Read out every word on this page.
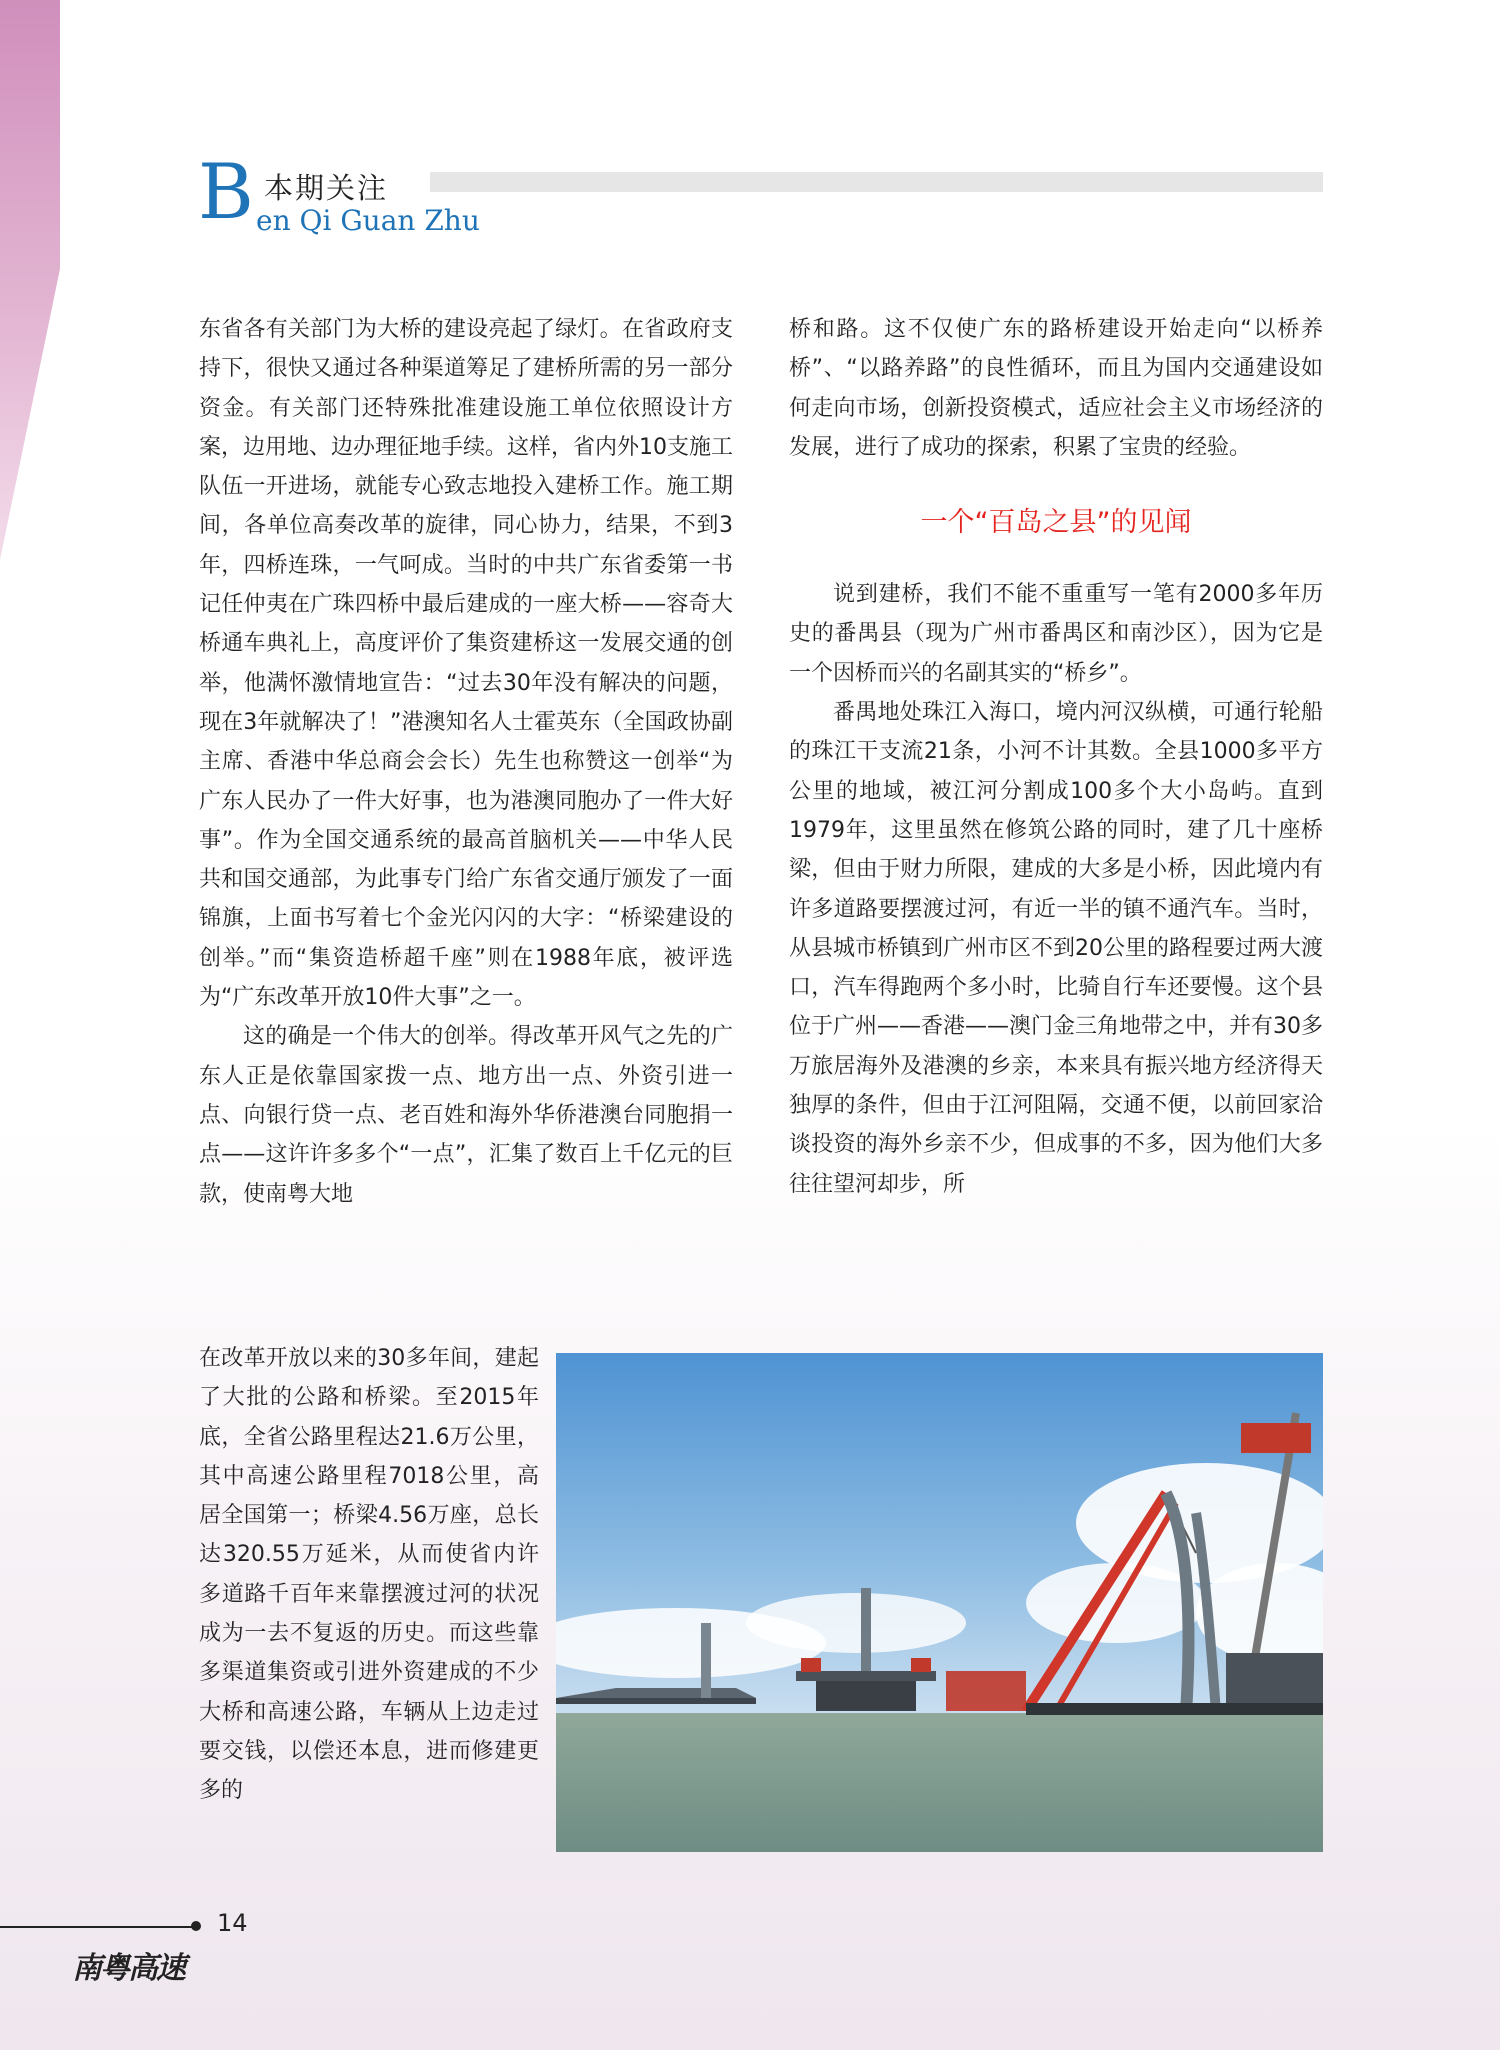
B 本期关注
en Qi Guan Zhu

东省各有关部门为大桥的建设亮起了绿灯。在省政府支持下，很快又通过各种渠道筹足了建桥所需的另一部分资金。有关部门还特殊批准建设施工单位依照设计方案，边用地、边办理征地手续。这样，省内外10支施工队伍一开进场，就能专心致志地投入建桥工作。施工期间，各单位高奏改革的旋律，同心协力，结果，不到3年，四桥连珠，一气呵成。当时的中共广东省委第一书记任仲夷在广珠四桥中最后建成的一座大桥——容奇大桥通车典礼上，高度评价了集资建桥这一发展交通的创举，他满怀激情地宣告：“过去30年没有解决的问题，现在3年就解决了！”港澳知名人士霍英东（全国政协副主席、香港中华总商会会长）先生也称赞这一创举“为广东人民办了一件大好事，也为港澳同胞办了一件大好事”。作为全国交通系统的最高首脑机关——中华人民共和国交通部，为此事专门给广东省交通厅颁发了一面锦旗，上面书写着七个金光闪闪的大字：“桥梁建设的创举。”而“集资造桥超千座”则在1988年底，被评选为“广东改革开放10件大事”之一。

这的确是一个伟大的创举。得改革开风气之先的广东人正是依靠国家拨一点、地方出一点、外资引进一点、向银行贷一点、老百姓和海外华侨港澳台同胞捐一点——这许许多多个“一点”，汇集了数百上千亿元的巨款，使南粤大地

在改革开放以来的30多年间，建起了大批的公路和桥梁。至2015年底，全省公路里程达21.6万公里，其中高速公路里程7018公里，高居全国第一；桥梁4.56万座，总长达320.55万延米，从而使省内许多道路千百年来靠摆渡过河的状况成为一去不复返的历史。而这些靠多渠道集资或引进外资建成的不少大桥和高速公路，车辆从上边走过要交钱，以偿还本息，进而修建更多的

桥和路。这不仅使广东的路桥建设开始走向“以桥养桥”、“以路养路”的良性循环，而且为国内交通建设如何走向市场，创新投资模式，适应社会主义市场经济的发展，进行了成功的探索，积累了宝贵的经验。

一个“百岛之县”的见闻

说到建桥，我们不能不重重写一笔有2000多年历史的番禺县（现为广州市番禺区和南沙区），因为它是一个因桥而兴的名副其实的“桥乡”。

番禺地处珠江入海口，境内河汉纵横，可通行轮船的珠江干支流21条，小河不计其数。全县1000多平方公里的地域，被江河分割成100多个大小岛屿。直到1979年，这里虽然在修筑公路的同时，建了几十座桥梁，但由于财力所限，建成的大多是小桥，因此境内有许多道路要摆渡过河，有近一半的镇不通汽车。当时，从县城市桥镇到广州市区不到20公里的路程要过两大渡口，汽车得跑两个多小时，比骑自行车还要慢。这个县位于广州——香港——澳门金三角地带之中，并有30多万旅居海外及港澳的乡亲，本来具有振兴地方经济得天独厚的条件，但由于江河阻隔，交通不便，以前回家洽谈投资的海外乡亲不少，但成事的不多，因为他们大多往往望河却步，所

14
南粤高速
